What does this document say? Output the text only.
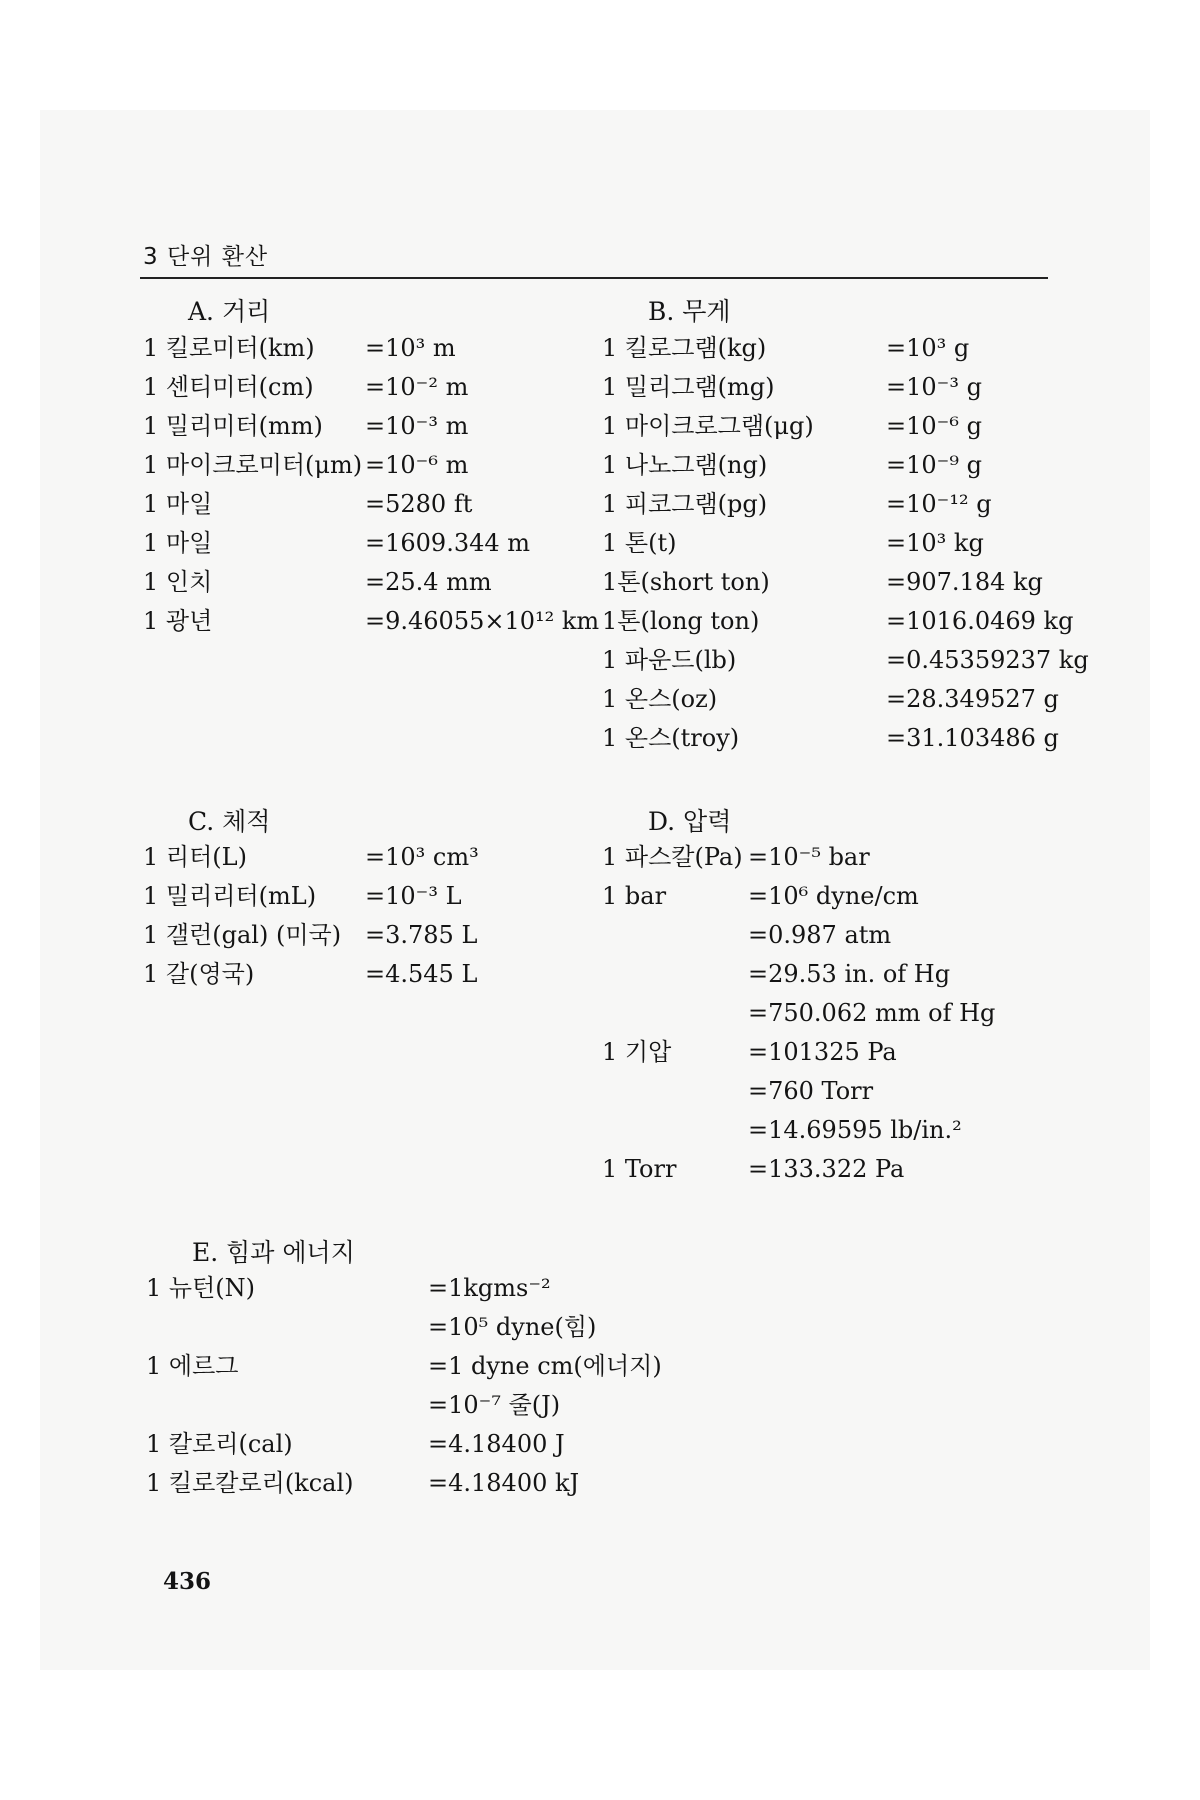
3 단위 환산
A. 거리
1 킬로미터(km)	=10³ m
1 센티미터(cm)	=10⁻² m
1 밀리미터(mm)	=10⁻³ m
1 마이크로미터(μm) =10⁻⁶ m
1 마일	=5280 ft
1 마일	=1609.344 m
1 인치	=25.4 mm
1 광년	=9.46055×10¹² km
B. 무게
1 킬로그램(kg)	=10³ g
1 밀리그램(mg)	=10⁻³ g
1 마이크로그램(μg)	=10⁻⁶ g
1 나노그램(ng)	=10⁻⁹ g
1 피코그램(pg)	=10⁻¹² g
1 톤(t)	=10³ kg
1톤(short ton)	=907.184 kg
1톤(long ton)	=1016.0469 kg
1 파운드(lb)	=0.45359237 kg
1 온스(oz)	=28.349527 g
1 온스(troy)	=31.103486 g
C. 체적
1 리터(L)	=10³ cm³
1 밀리리터(mL)	=10⁻³ L
1 갤런(gal) (미국) =3.785 L
1 갈(영국)	=4.545 L
D. 압력
1 파스칼(Pa) =10⁻⁵ bar
1 bar	=10⁶ dyne/cm
=0.987 atm
=29.53 in. of Hg
=750.062 mm of Hg
1 기압	=101325 Pa
=760 Torr
=14.69595 lb/in.²
1 Torr	=133.322 Pa
E. 힘과 에너지
1 뉴턴(N)	=1kgms⁻²
=10⁵ dyne(힘)
1 에르그	=1 dyne cm(에너지)
=10⁻⁷ 줄(J)
1 칼로리(cal)	=4.18400 J
1 킬로칼로리(kcal)	=4.18400 kJ
436
